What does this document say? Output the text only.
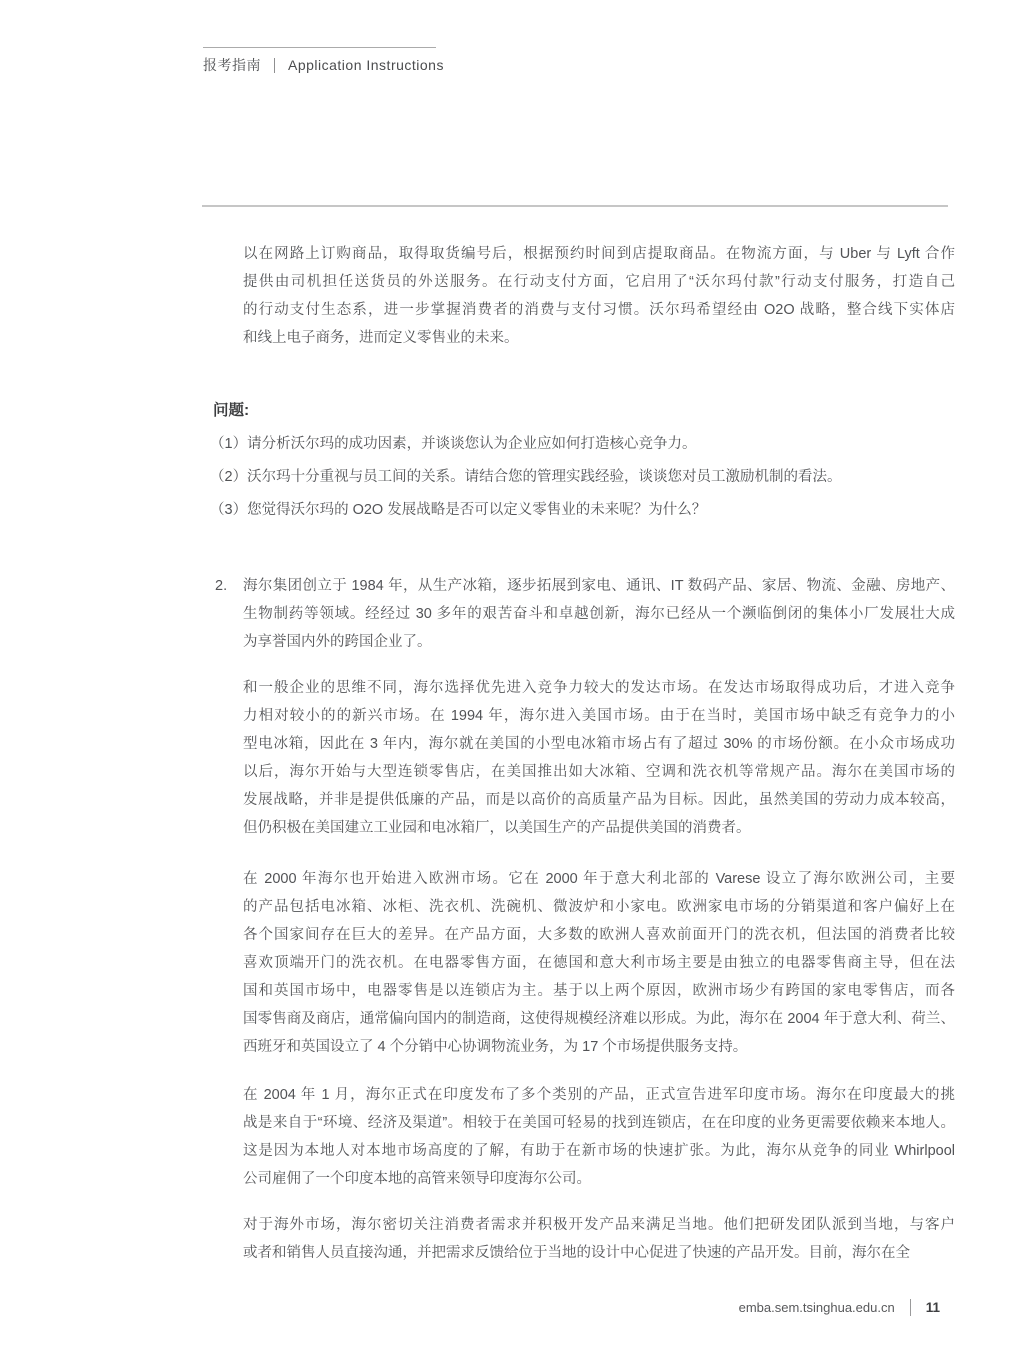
报考指南 Application Instructions
以在网路上订购商品，取得取货编号后，根据预约时间到店提取商品。在物流方面，与 Uber 与 Lyft 合作
提供由司机担任送货员的外送服务。在行动支付方面，它启用了“沃尔玛付款”行动支付服务，打造自己
的行动支付生态系，进一步掌握消费者的消费与支付习惯。沃尔玛希望经由 O2O 战略，整合线下实体店
和线上电子商务，进而定义零售业的未来。
问题:
（1）请分析沃尔玛的成功因素，并谈谈您认为企业应如何打造核心竞争力。
（2）沃尔玛十分重视与员工间的关系。请结合您的管理实践经验，谈谈您对员工激励机制的看法。
（3）您觉得沃尔玛的 O2O 发展战略是否可以定义零售业的未来呢？为什么？
2. 海尔集团创立于 1984 年，从生产冰箱，逐步拓展到家电、通讯、IT 数码产品、家居、物流、金融、房地产、
生物制药等领域。经经过 30 多年的艰苦奋斗和卓越创新，海尔已经从一个濒临倒闭的集体小厂发展壮大成
为享誉国内外的跨国企业了。
和一般企业的思维不同，海尔选择优先进入竞争力较大的发达市场。在发达市场取得成功后，才进入竞争
力相对较小的的新兴市场。在 1994 年，海尔进入美国市场。由于在当时，美国市场中缺乏有竞争力的小
型电冰箱，因此在 3 年内，海尔就在美国的小型电冰箱市场占有了超过 30% 的市场份额。在小众市场成功
以后，海尔开始与大型连锁零售店，在美国推出如大冰箱、空调和洗衣机等常规产品。海尔在美国市场的
发展战略，并非是提供低廉的产品，而是以高价的高质量产品为目标。因此，虽然美国的劳动力成本较高，
但仍积极在美国建立工业园和电冰箱厂，以美国生产的产品提供美国的消费者。
在 2000 年海尔也开始进入欧洲市场。它在 2000 年于意大利北部的 Varese 设立了海尔欧洲公司，主要
的产品包括电冰箱、冰柜、洗衣机、洗碗机、微波炉和小家电。欧洲家电市场的分销渠道和客户偏好上在
各个国家间存在巨大的差异。在产品方面，大多数的欧洲人喜欢前面开门的洗衣机，但法国的消费者比较
喜欢顶端开门的洗衣机。在电器零售方面，在德国和意大利市场主要是由独立的电器零售商主导，但在法
国和英国市场中，电器零售是以连锁店为主。基于以上两个原因，欧洲市场少有跨国的家电零售店，而各
国零售商及商店，通常偏向国内的制造商，这使得规模经济难以形成。为此，海尔在 2004 年于意大利、荷兰、
西班牙和英国设立了 4 个分销中心协调物流业务，为 17 个市场提供服务支持。
在 2004 年 1 月，海尔正式在印度发布了多个类别的产品，正式宣告进军印度市场。海尔在印度最大的挑
战是来自于“环境、经济及渠道”。相较于在美国可轻易的找到连锁店，在在印度的业务更需要依赖来本地人。
这是因为本地人对本地市场高度的了解，有助于在新市场的快速扩张。为此，海尔从竞争的同业 Whirlpool
公司雇佣了一个印度本地的高管来领导印度海尔公司。
对于海外市场，海尔密切关注消费者需求并积极开发产品来满足当地。他们把研发团队派到当地，与客户
或者和销售人员直接沟通，并把需求反馈给位于当地的设计中心促进了快速的产品开发。目前，海尔在全
emba.sem.tsinghua.edu.cn 11
